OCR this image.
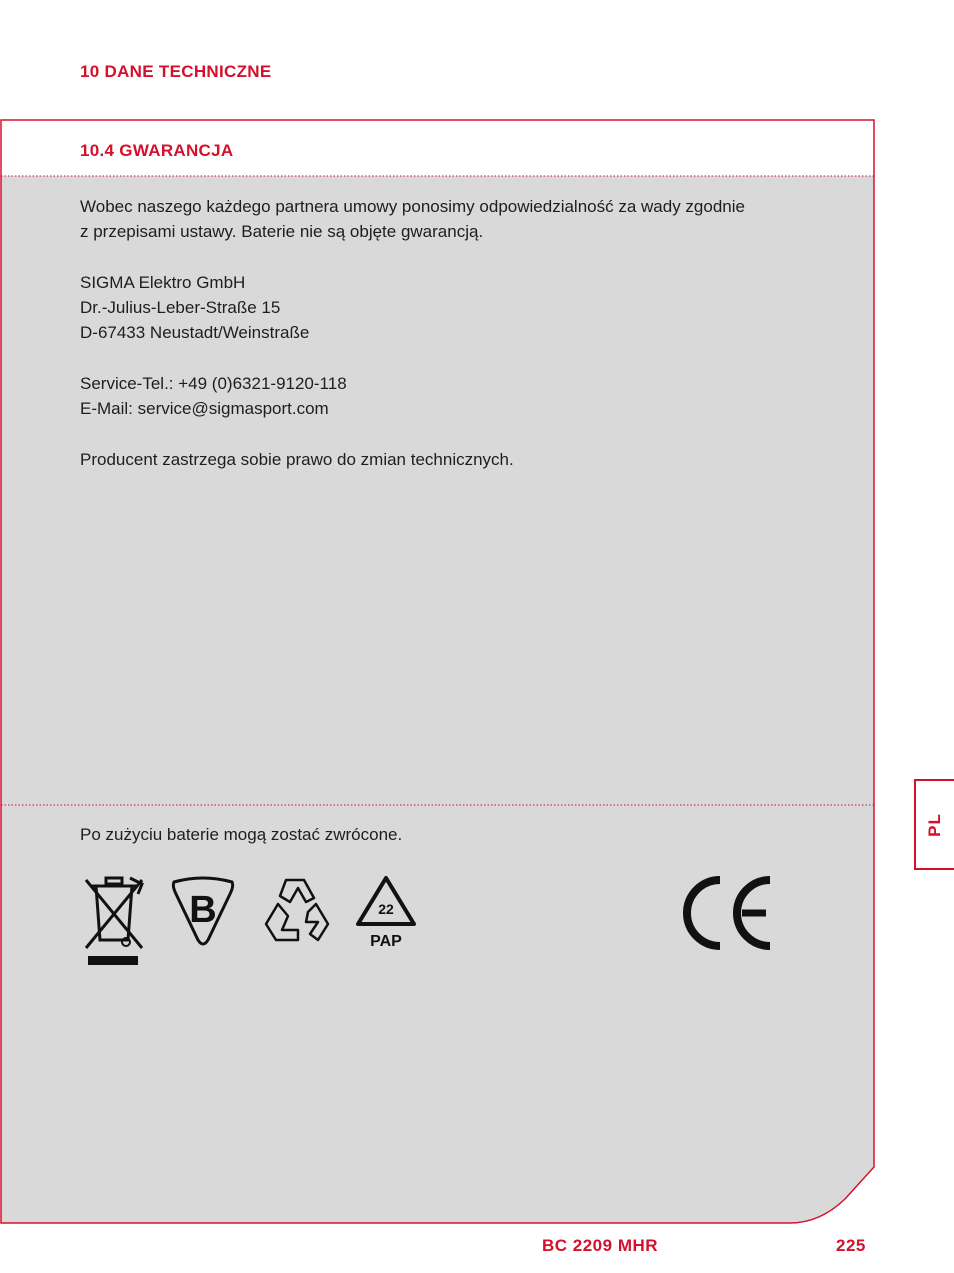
10 DANE TECHNICZNE
10.4 GWARANCJA

Wobec naszego każdego partnera umowy ponosimy odpowiedzialność za wady zgodnie
z przepisami ustawy. Baterie nie są objęte gwarancją.

SIGMA Elektro GmbH
Dr.-Julius-Leber-Straße 15
D-67433 Neustadt/Weinstraße

Service-Tel.: +49 (0)6321-9120-118
E-Mail: service@sigmasport.com

Producent zastrzega sobie prawo do zmian technicznych.

Po zużyciu baterie mogą zostać zwrócone.
B	22
PAP
PL
BC 2209 MHR	225
